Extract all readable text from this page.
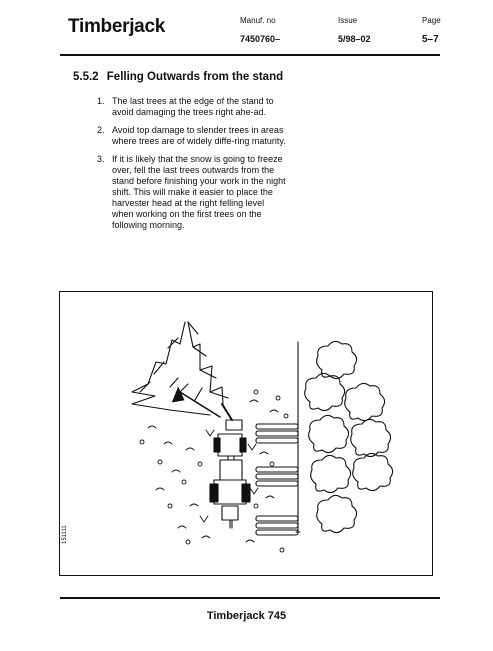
Timberjack	Manuf. no
7450760–
Issue
5/98–02
Page
5–7
5.5.2 Felling Outwards from the stand
1. The last trees at the edge of the stand to avoid damaging the trees right ahe-ad.
2. Avoid top damage to slender trees in areas where trees are of widely diffe-ring maturity.
3. If it is likely that the snow is going to freeze over, fell the last trees outwards from the stand before finishing your work in the night shift. This will make it easier to place the harvester head at the right felling level when working on the first trees on the following morning.
151111
Timberjack 745
